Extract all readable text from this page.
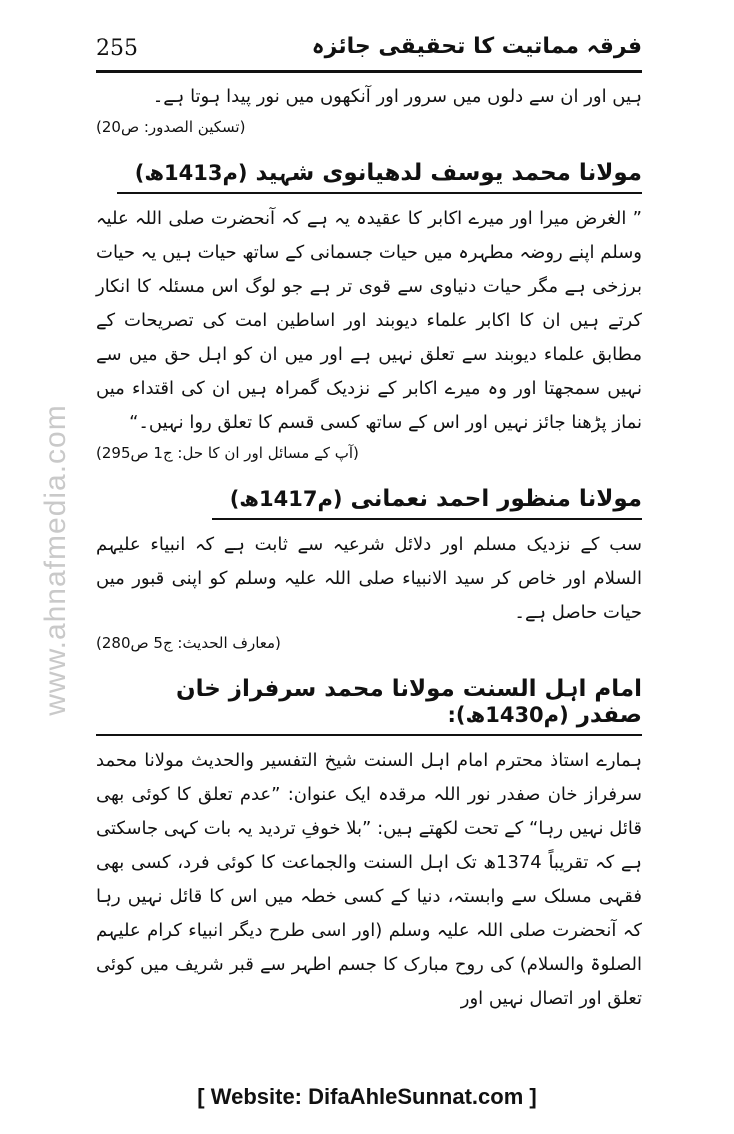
255	فرقہ مماتیت کا تحقیقی جائزہ
www.ahnafmedia.com

ہیں اور ان سے دلوں میں سرور اور آنکھوں میں نور پیدا ہوتا ہے۔

(تسکین الصدور: ص20)

مولانا محمد یوسف لدھیانوی شہید (م1413ھ)

” الغرض میرا اور میرے اکابر کا عقیدہ یہ ہے کہ آنحضرت صلی اللہ علیہ وسلم اپنے روضہ مطہرہ میں حیات جسمانی کے ساتھ حیات ہیں یہ حیات برزخی ہے مگر حیات دنیاوی سے قوی تر ہے جو لوگ اس مسئلہ کا انکار کرتے ہیں ان کا اکابر علماء دیوبند اور اساطین امت کی تصریحات کے مطابق علماء دیوبند سے تعلق نہیں ہے اور میں ان کو اہل حق میں سے نہیں سمجھتا اور وہ میرے اکابر کے نزدیک گمراہ ہیں ان کی اقتداء میں نماز پڑھنا جائز نہیں اور اس کے ساتھ کسی قسم کا تعلق روا نہیں۔“

(آپ کے مسائل اور ان کا حل: ج1 ص295)

مولانا منظور احمد نعمانی (م1417ھ)

سب کے نزدیک مسلم اور دلائل شرعیہ سے ثابت ہے کہ انبیاء علیہم السلام اور خاص کر سید الانبیاء صلی اللہ علیہ وسلم کو اپنی قبور میں حیات حاصل ہے۔

(معارف الحدیث: ج5 ص280)

امام اہل السنت مولانا محمد سرفراز خان صفدر (م1430ھ):

ہمارے استاذ محترم امام اہل السنت شیخ التفسیر والحدیث مولانا محمد سرفراز خان صفدر نور اللہ مرقدہ ایک عنوان: ”عدم تعلق کا کوئی بھی قائل نہیں رہا“ کے تحت لکھتے ہیں: ”بلا خوفِ تردید یہ بات کہی جاسکتی ہے کہ تقریباً 1374ھ تک اہل السنت والجماعت کا کوئی فرد، کسی بھی فقہی مسلک سے وابستہ، دنیا کے کسی خطہ میں اس کا قائل نہیں رہا کہ آنحضرت صلی اللہ علیہ وسلم (اور اسی طرح دیگر انبیاء کرام علیہم الصلوۃ والسلام) کی روح مبارک کا جسم اطہر سے قبر شریف میں کوئی تعلق اور اتصال نہیں اور

[ Website: DifaAhleSunnat.com ]
